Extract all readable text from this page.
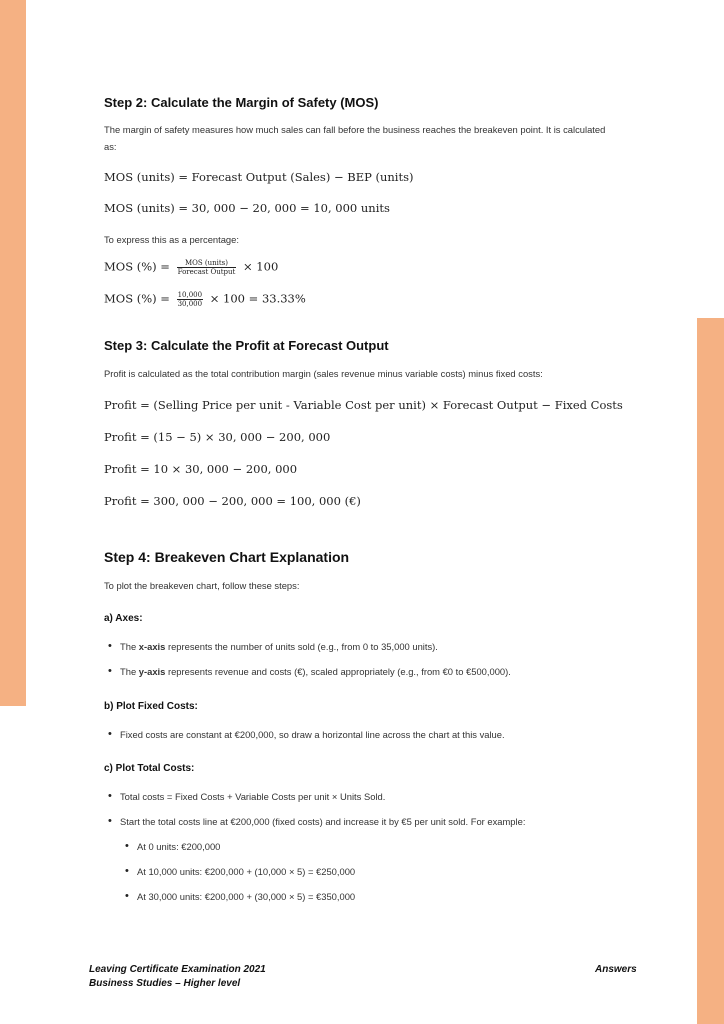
Step 2: Calculate the Margin of Safety (MOS)
The margin of safety measures how much sales can fall before the business reaches the breakeven point. It is calculated as:
MOS (units) = Forecast Output (Sales) − BEP (units)
MOS (units) = 30, 000 − 20, 000 = 10, 000 units
To express this as a percentage:
MOS (%) = $\frac{\text{MOS (units)}}{\text{Forecast Output}} \times 100$
MOS (%) = $\frac{10,000}{30,000} \times 100 = 33.33\%$
Step 3: Calculate the Profit at Forecast Output
Profit is calculated as the total contribution margin (sales revenue minus variable costs) minus fixed costs:
Profit = (Selling Price per unit - Variable Cost per unit) × Forecast Output − Fixed Costs
Profit = (15 − 5) × 30, 000 − 200, 000
Profit = 10 × 30, 000 − 200, 000
Profit = 300, 000 − 200, 000 = 100, 000 (€)
Step 4: Breakeven Chart Explanation
To plot the breakeven chart, follow these steps:
a) Axes:
• The x-axis represents the number of units sold (e.g., from 0 to 35,000 units).
• The y-axis represents revenue and costs (€), scaled appropriately (e.g., from €0 to €500,000).
b) Plot Fixed Costs:
• Fixed costs are constant at €200,000, so draw a horizontal line across the chart at this value.
c) Plot Total Costs:
• Total costs = Fixed Costs + Variable Costs per unit × Units Sold.
• Start the total costs line at €200,000 (fixed costs) and increase it by €5 per unit sold. For example:
• At 0 units: €200,000
• At 10,000 units: €200,000 + (10,000 × 5) = €250,000
• At 30,000 units: €200,000 + (30,000 × 5) = €350,000
Leaving Certificate Examination 2021
Business Studies – Higher level
Answers
